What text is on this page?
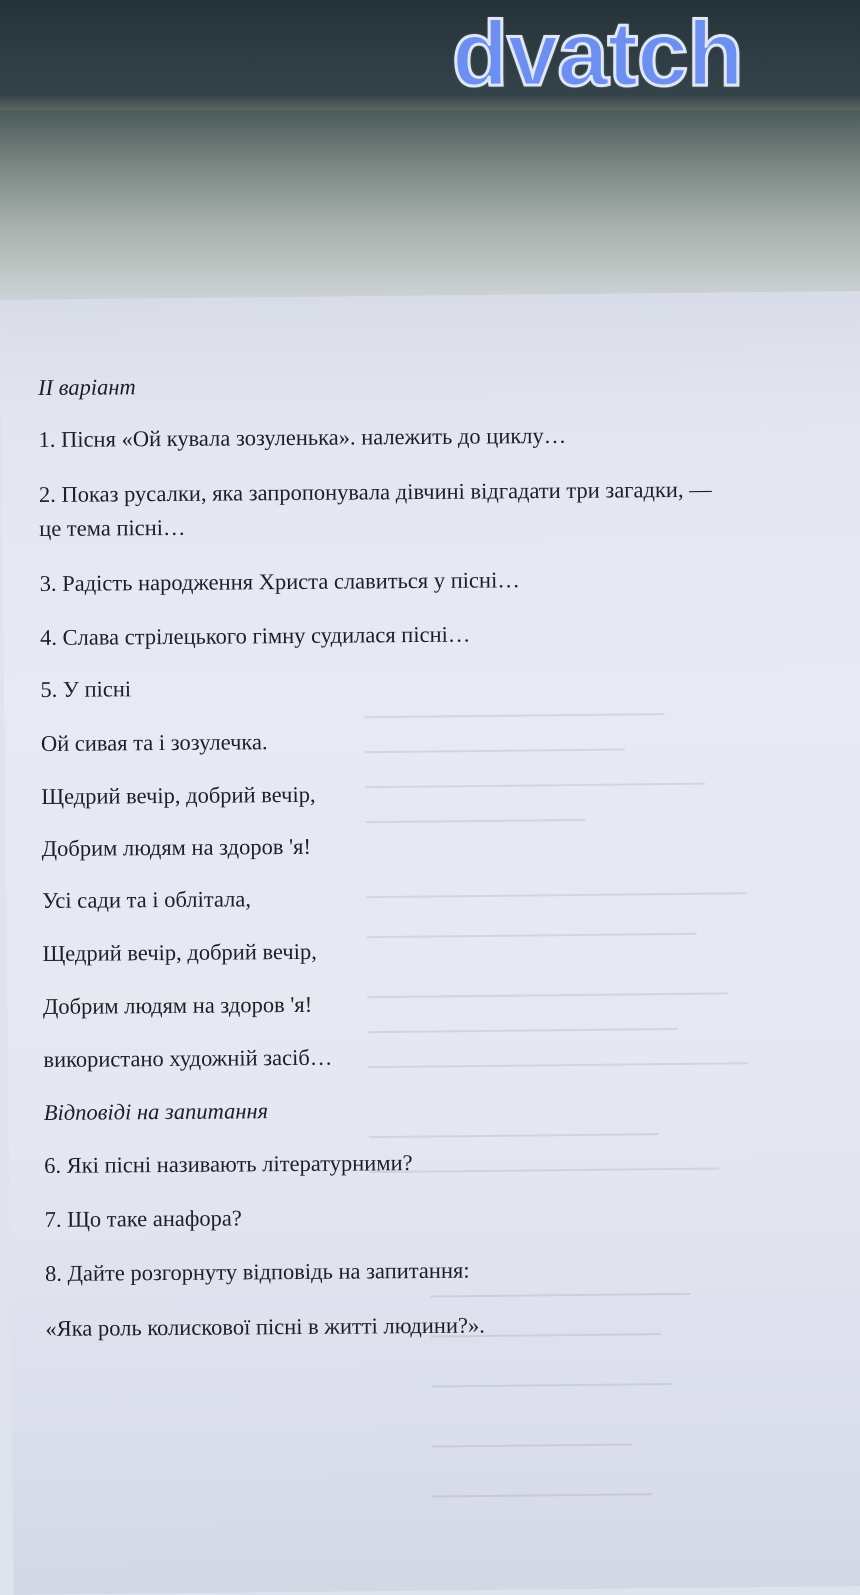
dvatch
II варіант
1. Пісня «Ой кувала зозуленька». належить до циклу…
2. Показ русалки, яка запропонувала дівчині відгадати три загадки, —
це тема пісні…
3. Радість народження Христа славиться у пісні…
4. Слава стрілецького гімну судилася пісні…
5. У пісні
Ой сивая та і зозулечка.
Щедрий вечір, добрий вечір,
Добрим людям на здоров 'я!
Усі сади та і облітала,
Щедрий вечір, добрий вечір,
Добрим людям на здоров 'я!
використано художній засіб…
Відповіді на запитання
6. Які пісні називають літературними?
7. Що таке анафора?
8. Дайте розгорнуту відповідь на запитання:
«Яка роль колискової пісні в житті людини?».
